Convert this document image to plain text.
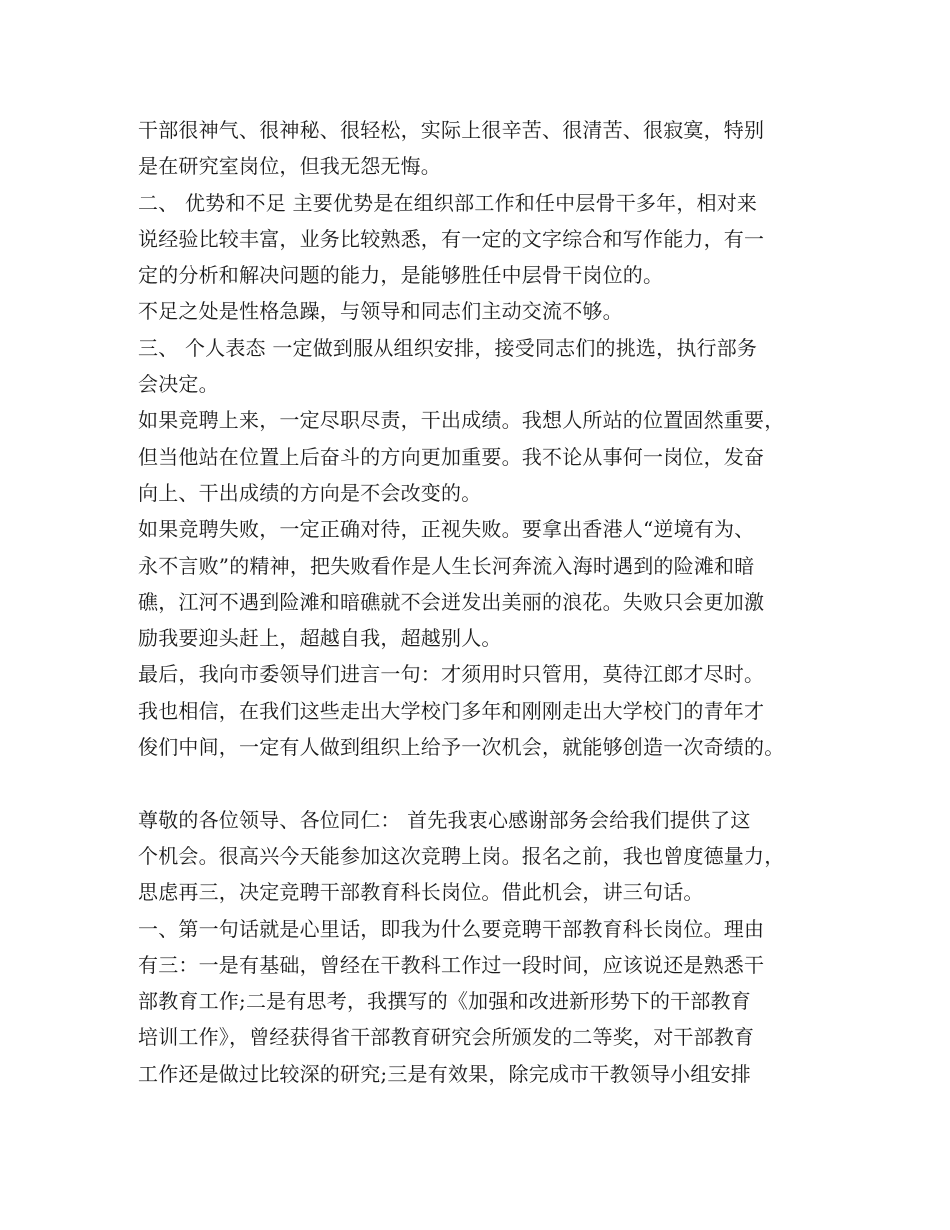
干部很神气、很神秘、很轻松，实际上很辛苦、很清苦、很寂寞，特别
是在研究室岗位，但我无怨无悔。
二、 优势和不足 主要优势是在组织部工作和任中层骨干多年，相对来
说经验比较丰富，业务比较熟悉，有一定的文字综合和写作能力，有一
定的分析和解决问题的能力，是能够胜任中层骨干岗位的。
不足之处是性格急躁，与领导和同志们主动交流不够。
三、 个人表态 一定做到服从组织安排，接受同志们的挑选，执行部务
会决定。
如果竞聘上来，一定尽职尽责，干出成绩。我想人所站的位置固然重要，
但当他站在位置上后奋斗的方向更加重要。我不论从事何一岗位，发奋
向上、干出成绩的方向是不会改变的。
如果竞聘失败，一定正确对待，正视失败。要拿出香港人“逆境有为、
永不言败”的精神，把失败看作是人生长河奔流入海时遇到的险滩和暗
礁，江河不遇到险滩和暗礁就不会迸发出美丽的浪花。失败只会更加激
励我要迎头赶上，超越自我，超越别人。
最后，我向市委领导们进言一句：才须用时只管用，莫待江郎才尽时。
我也相信，在我们这些走出大学校门多年和刚刚走出大学校门的青年才
俊们中间，一定有人做到组织上给予一次机会，就能够创造一次奇绩的。
尊敬的各位领导、各位同仁： 首先我衷心感谢部务会给我们提供了这
个机会。很高兴今天能参加这次竞聘上岗。报名之前，我也曾度德量力，
思虑再三，决定竞聘干部教育科长岗位。借此机会，讲三句话。
一、第一句话就是心里话，即我为什么要竞聘干部教育科长岗位。理由
有三：一是有基础，曾经在干教科工作过一段时间，应该说还是熟悉干
部教育工作;二是有思考，我撰写的《加强和改进新形势下的干部教育
培训工作》，曾经获得省干部教育研究会所颁发的二等奖，对干部教育
工作还是做过比较深的研究;三是有效果，除完成市干教领导小组安排
